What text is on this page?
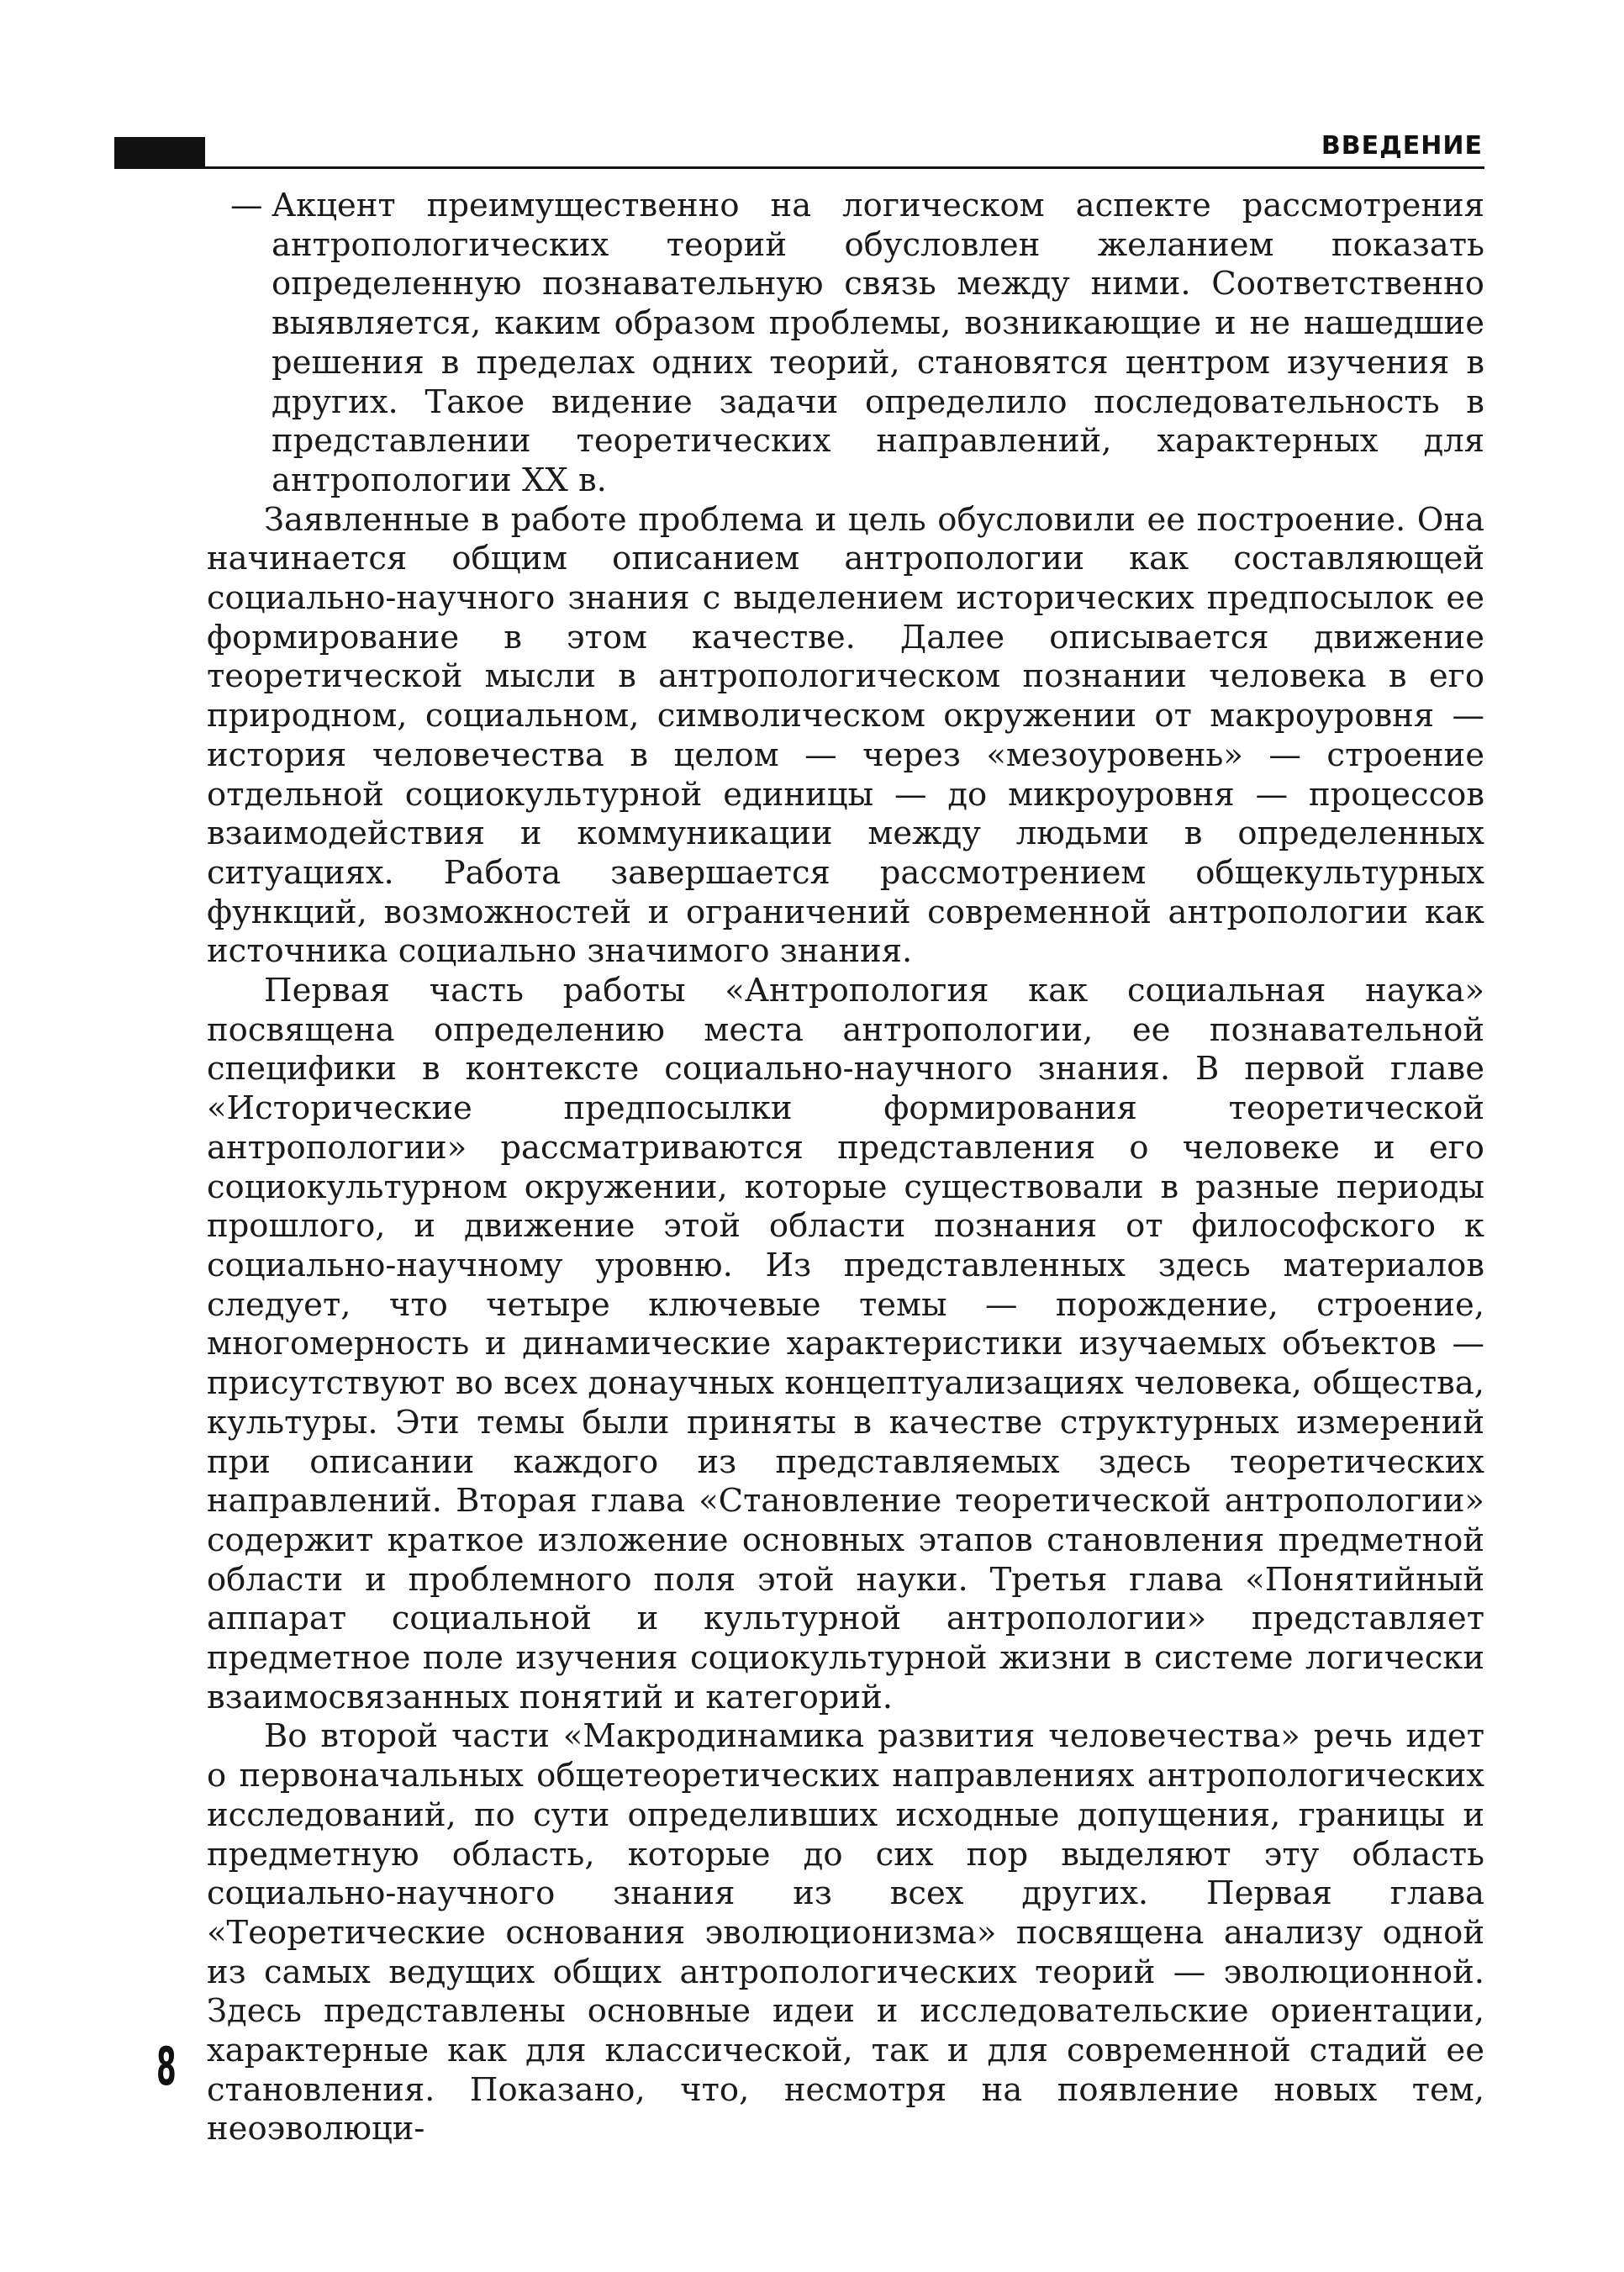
ВВЕДЕНИЕ

— Акцент преимущественно на логическом аспекте рассмотрения антропологических теорий обусловлен желанием показать определенную познавательную связь между ними. Соответственно выявляется, каким образом проблемы, возникающие и не нашедшие решения в пределах одних теорий, становятся центром изучения в других. Такое видение задачи определило последовательность в представлении теоретических направлений, характерных для антропологии XX в.

Заявленные в работе проблема и цель обусловили ее построение. Она начинается общим описанием антропологии как составляющей социально-научного знания с выделением исторических предпосылок ее формирование в этом качестве. Далее описывается движение теоретической мысли в антропологическом познании человека в его природном, социальном, символическом окружении от макроуровня — история человечества в целом — через «мезоуровень» — строение отдельной социокультурной единицы — до микроуровня — процессов взаимодействия и коммуникации между людьми в определенных ситуациях. Работа завершается рассмотрением общекультурных функций, возможностей и ограничений современной антропологии как источника социально значимого знания.

Первая часть работы «Антропология как социальная наука» посвящена определению места антропологии, ее познавательной специфики в контексте социально-научного знания. В первой главе «Исторические предпосылки формирования теоретической антропологии» рассматриваются представления о человеке и его социокультурном окружении, которые существовали в разные периоды прошлого, и движение этой области познания от философского к социально-научному уровню. Из представленных здесь материалов следует, что четыре ключевые темы — порождение, строение, многомерность и динамические характеристики изучаемых объектов — присутствуют во всех донаучных концептуализациях человека, общества, культуры. Эти темы были приняты в качестве структурных измерений при описании каждого из представляемых здесь теоретических направлений. Вторая глава «Становление теоретической антропологии» содержит краткое изложение основных этапов становления предметной области и проблемного поля этой науки. Третья глава «Понятийный аппарат социальной и культурной антропологии» представляет предметное поле изучения социокультурной жизни в системе логически взаимосвязанных понятий и категорий.

Во второй части «Макродинамика развития человечества» речь идет о первоначальных общетеоретических направлениях антропологических исследований, по сути определивших исходные допущения, границы и предметную область, которые до сих пор выделяют эту область социально-научного знания из всех других. Первая глава «Теоретические основания эволюционизма» посвящена анализу одной из самых ведущих общих антропологических теорий — эволюционной. Здесь представлены основные идеи и исследовательские ориентации, характерные как для классической, так и для современной стадий ее становления. Показано, что, несмотря на появление новых тем, неоэволюци-

8
